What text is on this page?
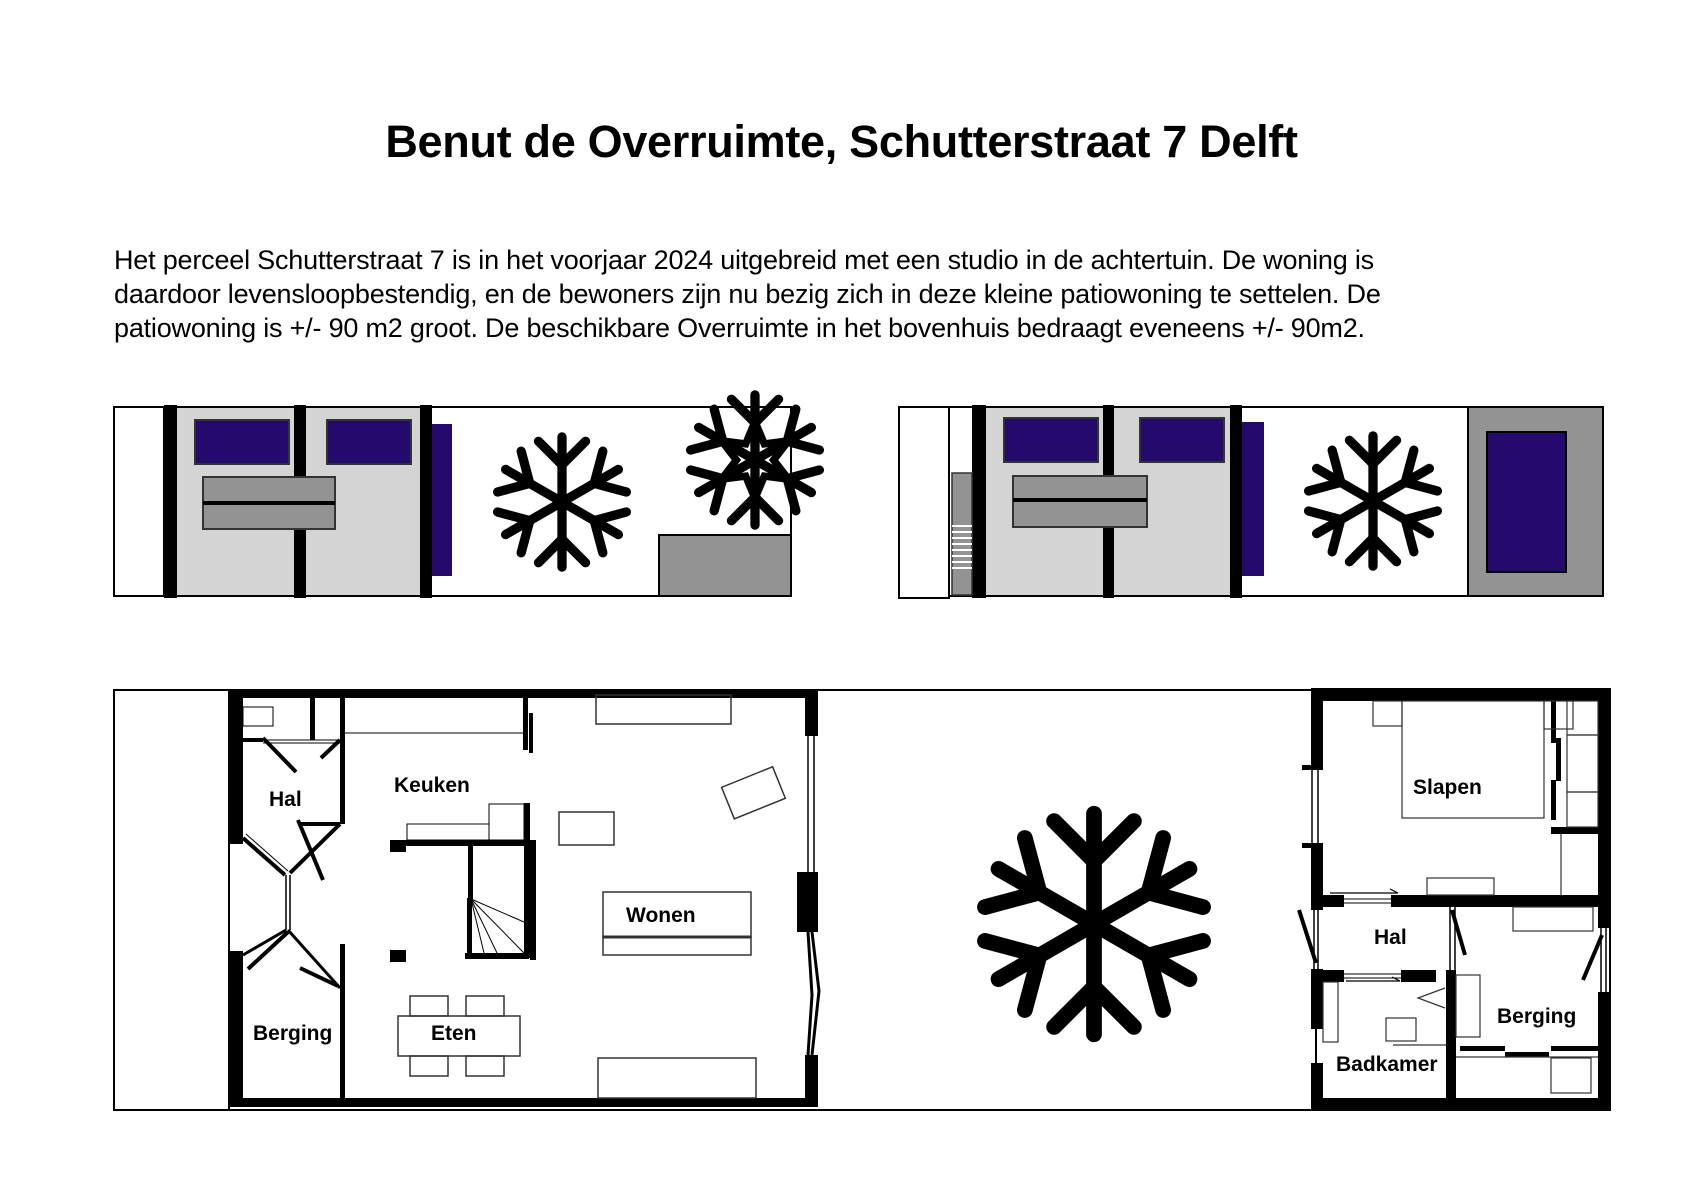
Benut de Overruimte, Schutterstraat 7 Delft

Het perceel Schutterstraat 7 is in het voorjaar 2024 uitgebreid met een studio in de achtertuin. De woning is
daardoor levensloopbestendig, en de bewoners zijn nu bezig zich in deze kleine patiowoning te settelen. De
patiowoning is +/- 90 m2 groot. De beschikbare Overruimte in het bovenhuis bedraagt eveneens +/- 90m2.

Hal
Keuken
Wonen
Berging	Eten
Slapen
Hal
Berging
Badkamer
